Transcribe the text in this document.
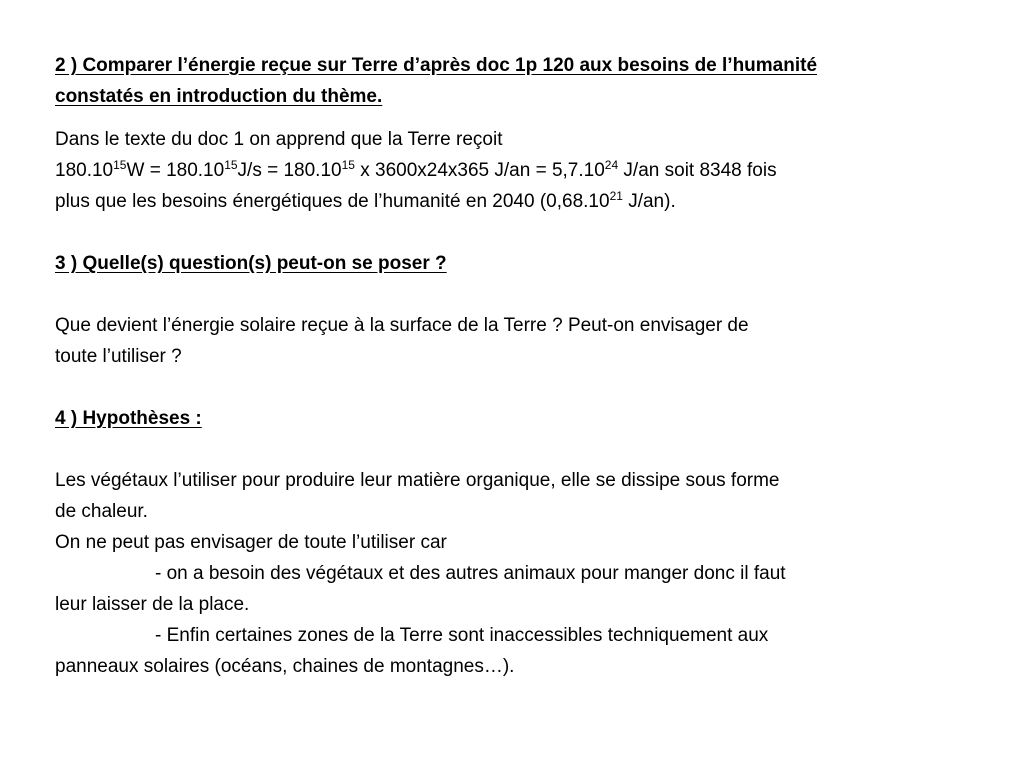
2 ) Comparer l’énergie reçue sur Terre d’après doc 1p 120 aux besoins de l’humanité
constatés en introduction du thème.

Dans le texte du doc 1 on apprend que la Terre reçoit

$180.10^{15}W = 180.10^{15}J/s = 180.10^{15}$ x 3600x24x365 $J/an = 5,7.10^{24}$ J/an soit 8348 fois
plus que les besoins énergétiques de l’humanité en 2040 (0,68.10$^{21}$ J/an).

3 ) Quelle(s) question(s) peut-on se poser ?

Que devient l’énergie solaire reçue à la surface de la Terre ? Peut-on envisager de
toute l’utiliser ?

4 ) Hypothèses :

Les végétaux l’utiliser pour produire leur matière organique, elle se dissipe sous forme
de chaleur.
On ne peut pas envisager de toute l’utiliser car

- on a besoin des végétaux et des autres animaux pour manger donc il faut
leur laisser de la place.

- Enfin certaines zones de la Terre sont inaccessibles techniquement aux
panneaux solaires (océans, chaines de montagnes…).
